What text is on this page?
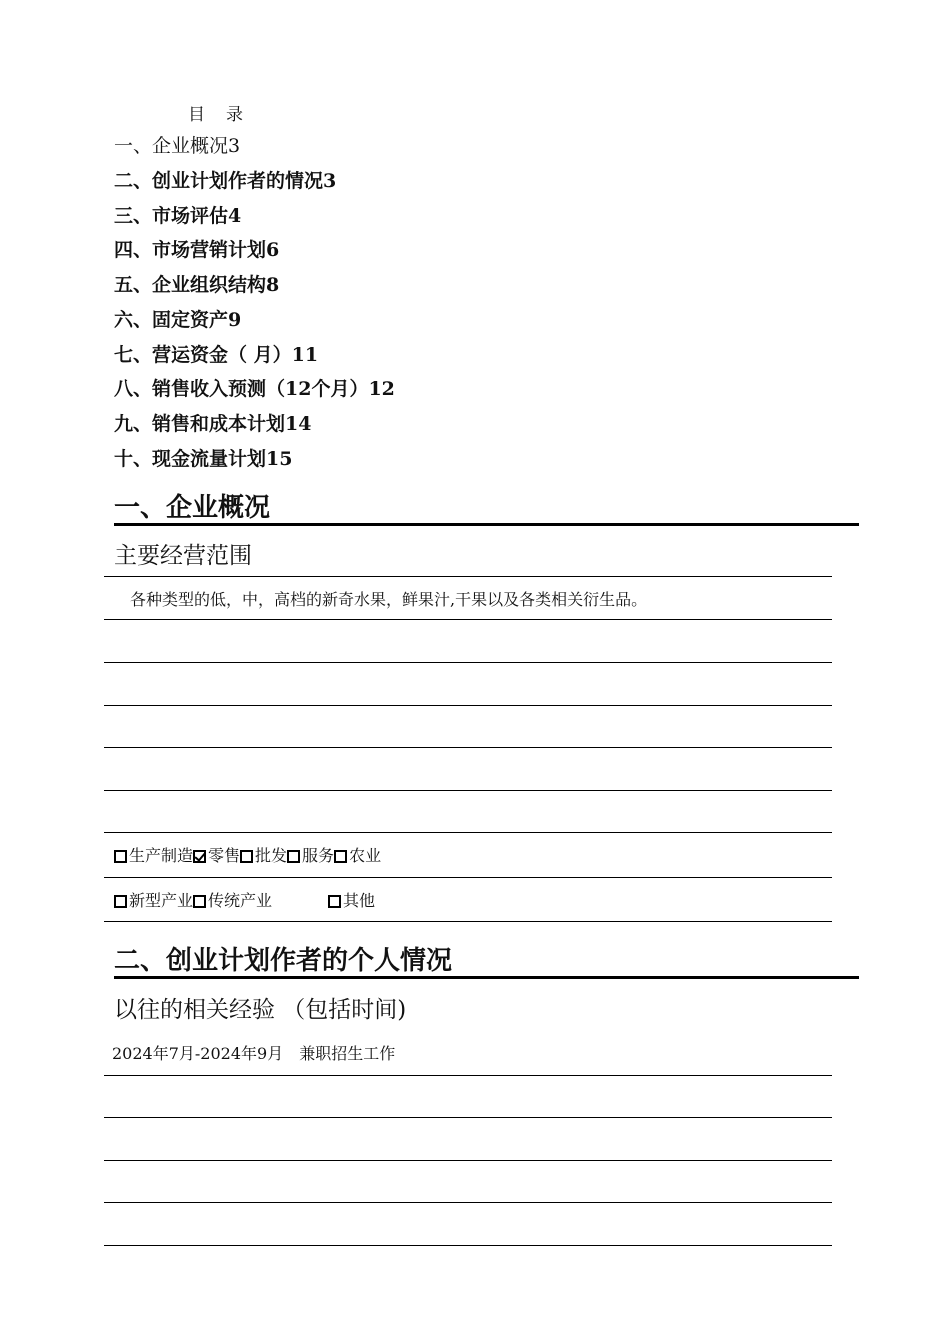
目　录
一、企业概况3
二、创业计划作者的情况3
三、市场评估4
四、市场营销计划6
五、企业组织结构8
六、固定资产9
七、营运资金（ 月）11
八、销售收入预测（12个月）12
九、销售和成本计划14
十、现金流量计划15
一、企业概况
主要经营范围
各种类型的低，中，高档的新奇水果，鲜果汁,干果以及各类相关衍生品。
生产制造 零售 批发 服务 农业
新型产业 传统产业	其他
二、创业计划作者的个人情况
以往的相关经验 （包括时间)
2024年7月-2024年9月　兼职招生工作
